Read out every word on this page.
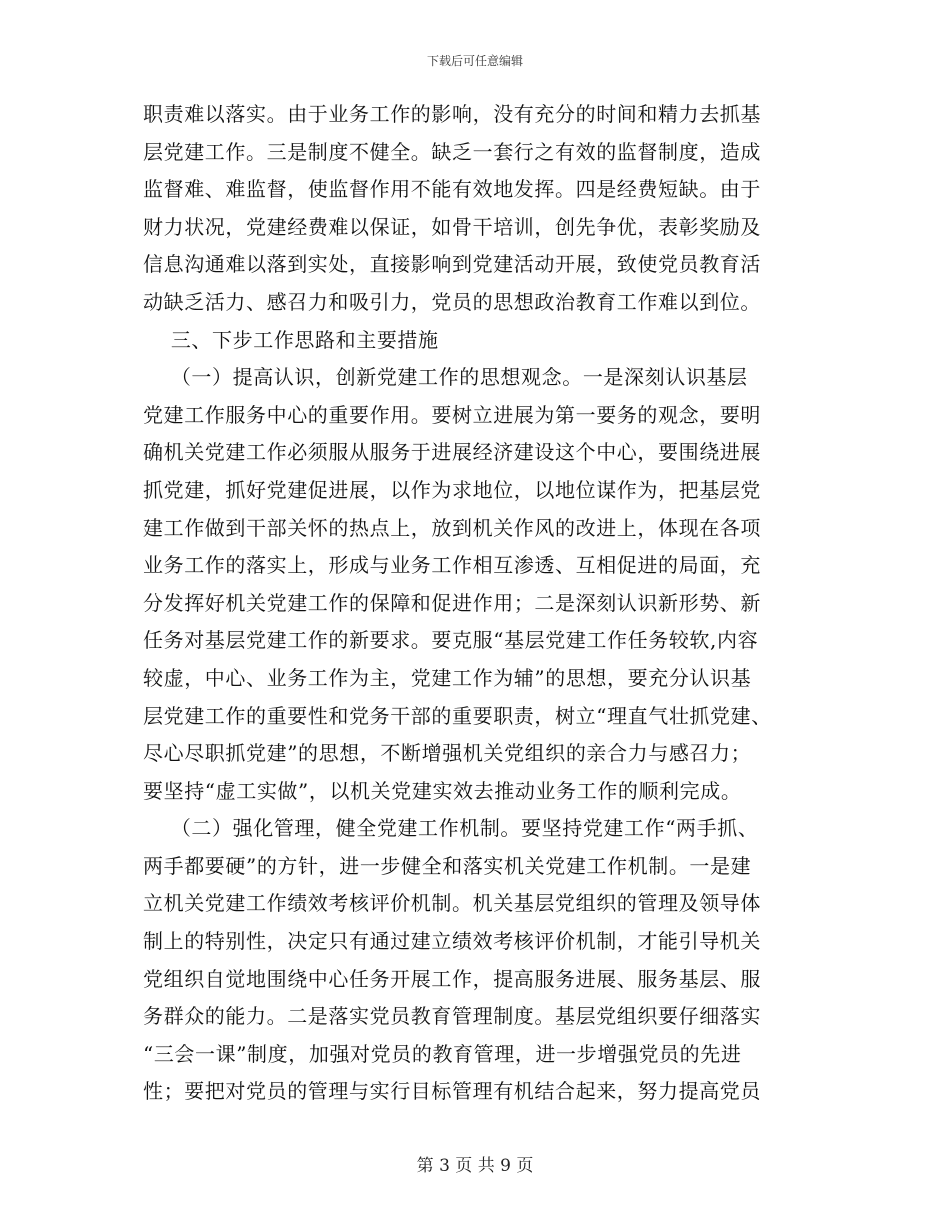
下载后可任意编辑
职责难以落实。由于业务工作的影响，没有充分的时间和精力去抓基
层党建工作。三是制度不健全。缺乏一套行之有效的监督制度，造成
监督难、难监督，使监督作用不能有效地发挥。四是经费短缺。由于
财力状况，党建经费难以保证，如骨干培训，创先争优，表彰奖励及
信息沟通难以落到实处，直接影响到党建活动开展，致使党员教育活
动缺乏活力、感召力和吸引力，党员的思想政治教育工作难以到位。
三、下步工作思路和主要措施
（一）提高认识，创新党建工作的思想观念。一是深刻认识基层
党建工作服务中心的重要作用。要树立进展为第一要务的观念，要明
确机关党建工作必须服从服务于进展经济建设这个中心，要围绕进展
抓党建，抓好党建促进展，以作为求地位，以地位谋作为，把基层党
建工作做到干部关怀的热点上，放到机关作风的改进上，体现在各项
业务工作的落实上，形成与业务工作相互渗透、互相促进的局面，充
分发挥好机关党建工作的保障和促进作用；二是深刻认识新形势、新
任务对基层党建工作的新要求。要克服“基层党建工作任务较软,内容
较虚，中心、业务工作为主，党建工作为辅”的思想，要充分认识基
层党建工作的重要性和党务干部的重要职责，树立“理直气壮抓党建、
尽心尽职抓党建”的思想，不断增强机关党组织的亲合力与感召力；
要坚持“虚工实做”，以机关党建实效去推动业务工作的顺利完成。
（二）强化管理，健全党建工作机制。要坚持党建工作“两手抓、
两手都要硬”的方针，进一步健全和落实机关党建工作机制。一是建
立机关党建工作绩效考核评价机制。机关基层党组织的管理及领导体
制上的特别性，决定只有通过建立绩效考核评价机制，才能引导机关
党组织自觉地围绕中心任务开展工作，提高服务进展、服务基层、服
务群众的能力。二是落实党员教育管理制度。基层党组织要仔细落实
“三会一课”制度，加强对党员的教育管理，进一步增强党员的先进
性；要把对党员的管理与实行目标管理有机结合起来，努力提高党员
第 3 页 共 9 页
